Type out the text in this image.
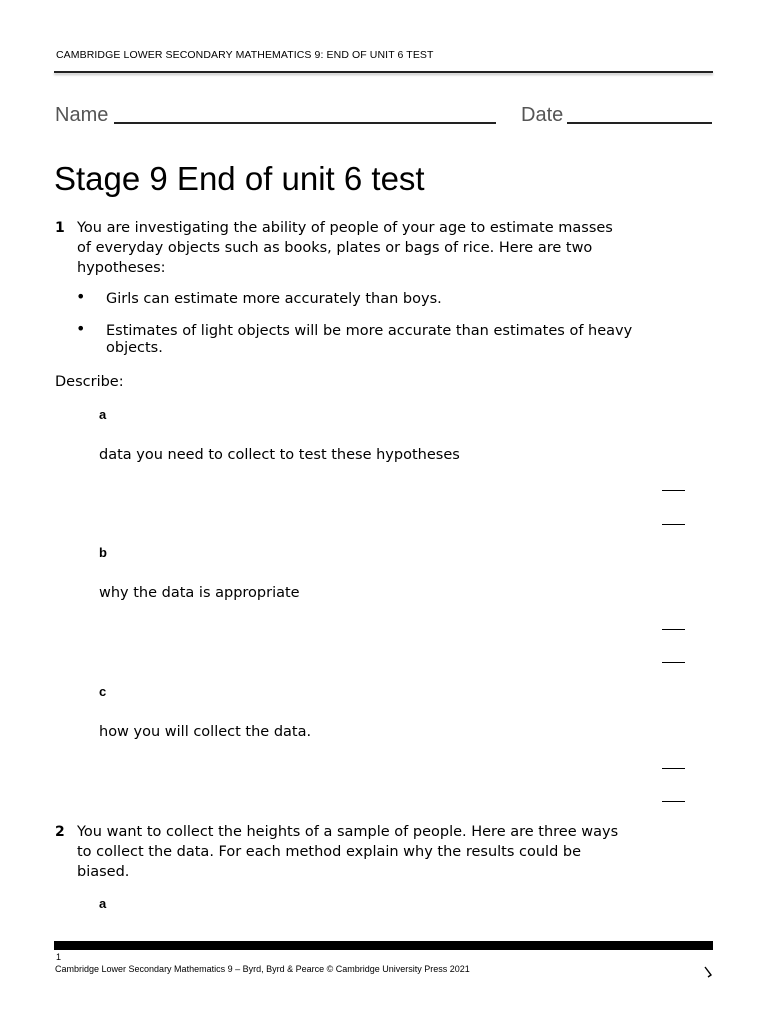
CAMBRIDGE LOWER SECONDARY MATHEMATICS 9: END OF UNIT 6 TEST
Name	Date
Stage 9 End of unit 6 test
1 You are investigating the ability of people of your age to estimate masses
of everyday objects such as books, plates or bags of rice. Here are two
hypotheses:
• Girls can estimate more accurately than boys.
• Estimates of light objects will be more accurate than estimates of heavy
objects.
Describe:
a
data you need to collect to test these hypotheses
b
why the data is appropriate
c
how you will collect the data.
2 You want to collect the heights of a sample of people. Here are three ways
to collect the data. For each method explain why the results could be
biased.
a
1
Cambridge Lower Secondary Mathematics 9 – Byrd, Byrd & Pearce © Cambridge University Press 2021
